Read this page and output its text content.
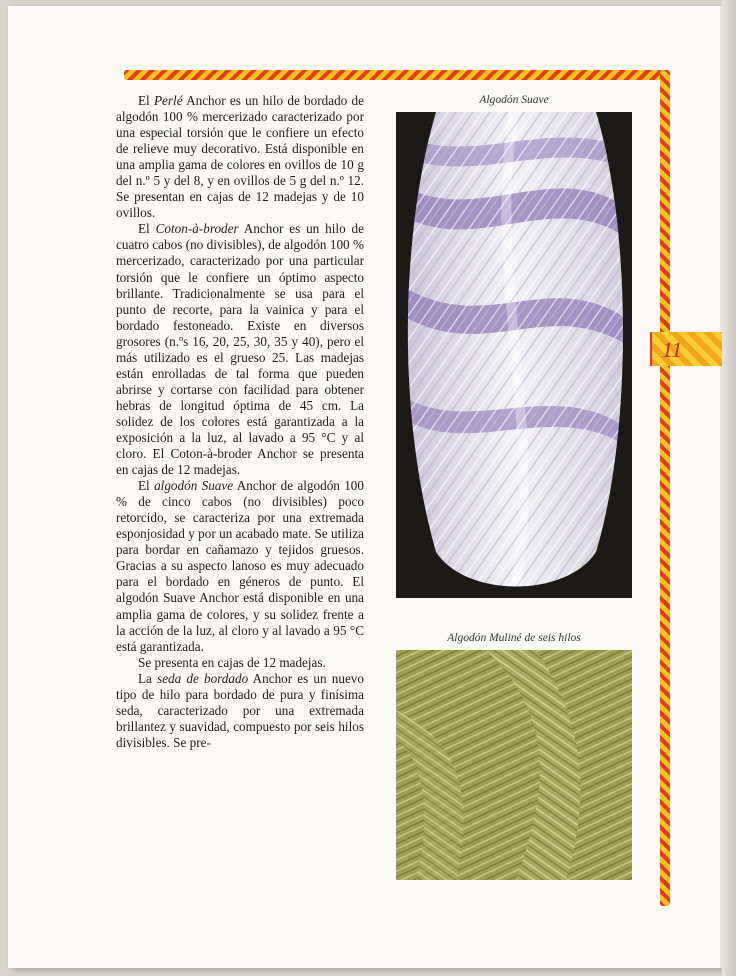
11

El Perlé Anchor es un hilo de bordado de algodón 100 % mercerizado caracterizado por una especial torsión que le confiere un efecto de relieve muy decorativo. Está disponible en una amplia gama de colores en ovillos de 10 g del n.º 5 y del 8, y en ovillos de 5 g del n.º 12. Se presentan en cajas de 12 madejas y de 10 ovillos.

El Coton-à-broder Anchor es un hilo de cuatro cabos (no divisibles), de algodón 100 % mercerizado, caracterizado por una particular torsión que le confiere un óptimo aspecto brillante. Tradicionalmente se usa para el punto de recorte, para la vainica y para el bordado festoneado. Existe en diversos grosores (n.ºs 16, 20, 25, 30, 35 y 40), pero el más utilizado es el grueso 25. Las madejas están enrolladas de tal forma que pueden abrirse y cortarse con facilidad para obtener hebras de longitud óptima de 45 cm. La solidez de los colores está garantizada a la exposición a la luz, al lavado a 95 °C y al cloro. El Coton-à-broder Anchor se presenta en cajas de 12 madejas.

El algodón Suave Anchor de algodón 100 % de cinco cabos (no divisibles) poco retorcido, se caracteriza por una extremada esponjosidad y por un acabado mate. Se utiliza para bordar en cañamazo y tejidos gruesos. Gracias a su aspecto lanoso es muy adecuado para el bordado en géneros de punto. El algodón Suave Anchor está disponible en una amplia gama de colores, y su solidez frente a la acción de la luz, al cloro y al lavado a 95 °C está garantizada.

Se presenta en cajas de 12 madejas.

La seda de bordado Anchor es un nuevo tipo de hilo para bordado de pura y finísima seda, caracterizado por una extremada brillantez y suavidad, compuesto por seis hilos divisibles. Se pre-

Algodón Suave
Algodón Muliné de seis hilos
